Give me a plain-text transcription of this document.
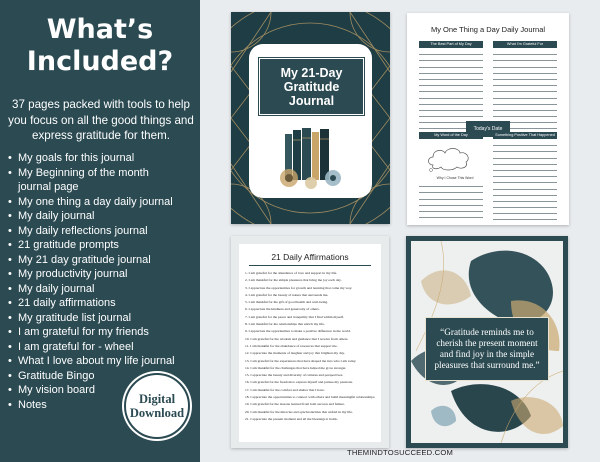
What’s Included?
37 pages packed with tools to help you focus on all the good things and express gratitude for them.
• My goals for this journal
• My Beginning of the month journal page
• My one thing a day daily journal
• My daily journal
• My daily reflections journal
• 21 gratitude prompts
• My 21 day gratitude journal
• My productivity journal
• My daily journal
• 21 daily affirmations
• My gratitude list journal
• I am grateful for my friends
• I am grateful for - wheel
• What I love about my life journal
• Gratitude Bingo
• My vision board
• Notes	Digital Download
My 21-Day Gratitude Journal
My One Thing a Day Daily Journal
The Best Part of My Day	What I'm Grateful For
Today's Date
My Word of the Day	Something Positive That Happened
Why I Chose This Word
21 Daily Affirmations
1. I am grateful for the abundance of love and support in my life.
2. I am thankful for the simple pleasures that bring me joy each day.
3. I appreciate the opportunities for growth and learning that come my way.
4. I am grateful for the beauty of nature that surrounds me.
5. I am thankful for the gift of good health and well-being.
6. I appreciate the kindness and generosity of others.
7. I am grateful for the peace and tranquility that I find within myself.
8. I am thankful for the relationships that enrich my life.
9. I appreciate the opportunities to make a positive difference in the world.
10. I am grateful for the wisdom and guidance that I receive from others.
11. I am thankful for the abundance of resources that support me.
12. I appreciate the moments of laughter and joy that brighten my day.
13. I am grateful for the experiences that have shaped me into who I am today.
14. I am thankful for the challenges that have helped me grow stronger.
15. I appreciate the beauty and diversity of cultures and perspectives.
16. I am grateful for the freedom to express myself and pursue my passions.
17. I am thankful for the comfort and shelter that I have.
18. I appreciate the opportunities to connect with others and build meaningful relationships.
19. I am grateful for the lessons learned from both success and failure.
20. I am thankful for the miracles and synchronicities that unfold in my life.
21. I appreciate the present moment and all the blessings it holds.
“Gratitude reminds me to cherish the present moment and find joy in the simple pleasures that surround me.”
THEMINDTOSUCCEED.COM
